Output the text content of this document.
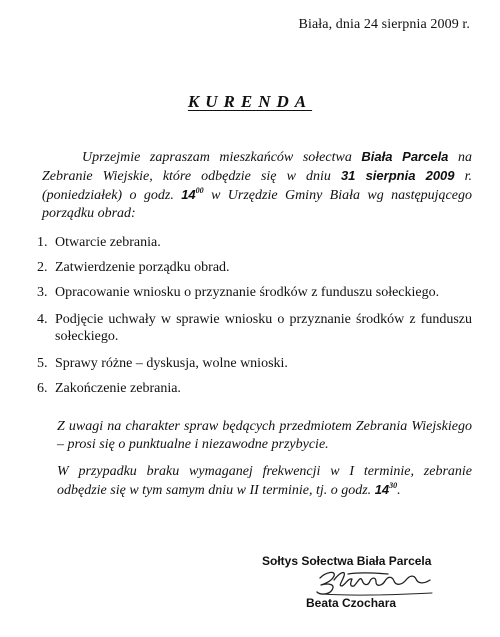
Biała, dnia 24 sierpnia 2009 r.
KURENDA
Uprzejmie zapraszam mieszkańców sołectwa Biała Parcela na Zebranie Wiejskie, które odbędzie się w dniu 31 sierpnia 2009 r. (poniedziałek) o godz. $14^{00}$ w Urzędzie Gminy Biała wg następującego porządku obrad:
1. Otwarcie zebrania.
2. Zatwierdzenie porządku obrad.
3. Opracowanie wniosku o przyznanie środków z funduszu sołeckiego.
4. Podjęcie uchwały w sprawie wniosku o przyznanie środków z funduszu sołeckiego.
5. Sprawy różne – dyskusja, wolne wnioski.
6. Zakończenie zebrania.

Z uwagi na charakter spraw będących przedmiotem Zebrania Wiejskiego – prosi się o punktualne i niezawodne przybycie.

W przypadku braku wymaganej frekwencji w I terminie, zebranie odbędzie się w tym samym dniu w II terminie, tj. o godz. $14^{30}$.

Sołtys Sołectwa Biała Parcela
Beata Czochara
